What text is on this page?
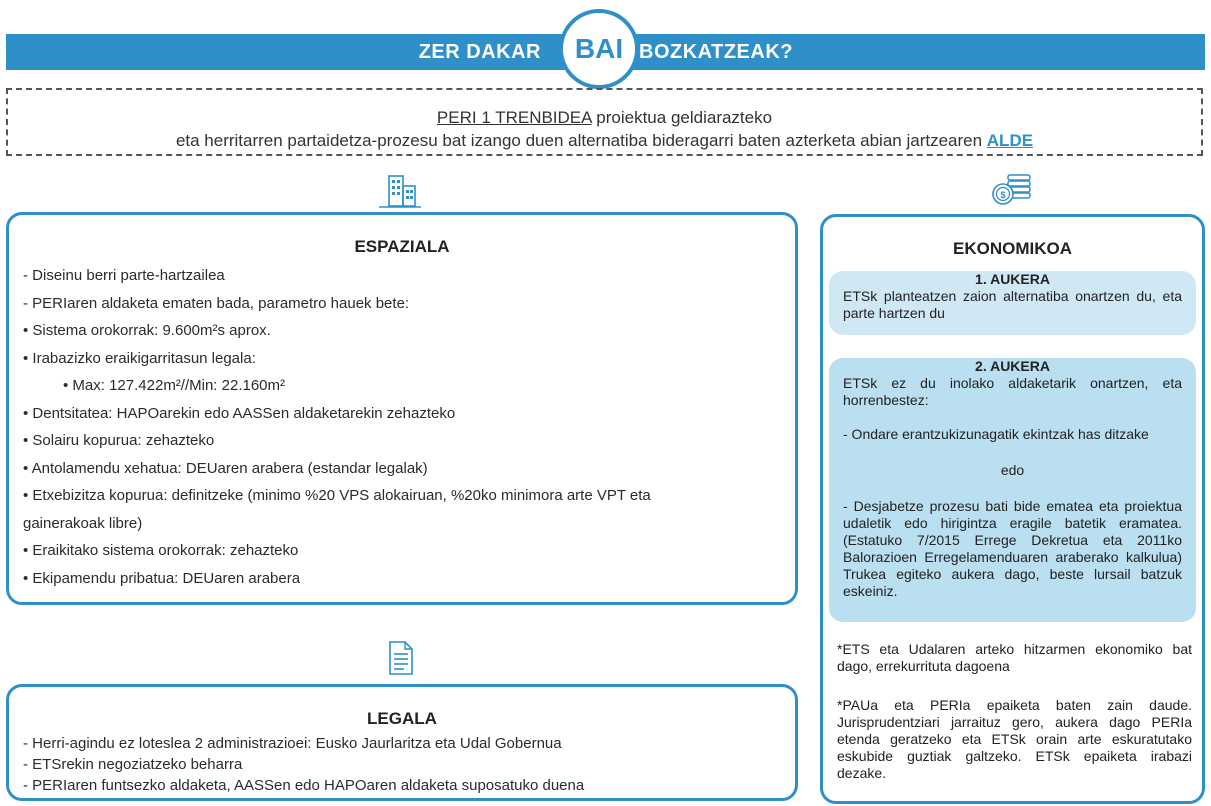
ZER DAKAR	BOZKATZEAK?
BAI
PERI 1 TRENBIDEA proiektua geldiarazteko
eta herritarren partaidetza-prozesu bat izango duen alternatiba bideragarri baten azterketa abian jartzearen ALDE
$
ESPAZIALA
- Diseinu berri parte-hartzailea
- PERIaren aldaketa ematen bada, parametro hauek bete:
• Sistema orokorrak: 9.600m²s aprox.
• Irabazizko eraikigarritasun legala:
• Max: 127.422m²//Min: 22.160m²
• Dentsitatea: HAPOarekin edo AASSen aldaketarekin zehazteko
• Solairu kopurua: zehazteko
• Antolamendu xehatua: DEUaren arabera (estandar legalak)
• Etxebizitza kopurua: definitzeke (minimo %20 VPS alokairuan, %20ko minimora arte VPT eta
gainerakoak libre)
• Eraikitako sistema orokorrak: zehazteko
• Ekipamendu pribatua: DEUaren arabera
LEGALA
- Herri-agindu ez loteslea 2 administrazioei: Eusko Jaurlaritza eta Udal Gobernua
- ETSrekin negoziatzeko beharra
- PERIaren funtsezko aldaketa, AASSen edo HAPOaren aldaketa suposatuko duena
EKONOMIKOA
1. AUKERA
ETSk planteatzen zaion alternatiba onartzen du, eta parte hartzen du
2. AUKERA
ETSk ez du inolako aldaketarik onartzen, eta horrenbestez:
- Ondare erantzukizunagatik ekintzak has ditzake
edo
- Desjabetze prozesu bati bide ematea eta proiektua udaletik edo hirigintza eragile batetik eramatea. (Estatuko 7/2015 Errege Dekretua eta 2011ko Balorazioen Erregelamenduaren araberako kalkulua) Trukea egiteko aukera dago, beste lursail batzuk eskeiniz.
*ETS eta Udalaren arteko hitzarmen ekonomiko bat dago, errekurrituta dagoena
*PAUa eta PERIa epaiketa baten zain daude. Jurisprudentziari jarraituz gero, aukera dago PERIa etenda geratzeko eta ETSk orain arte eskuratutako eskubide guztiak galtzeko. ETSk epaiketa irabazi dezake.
